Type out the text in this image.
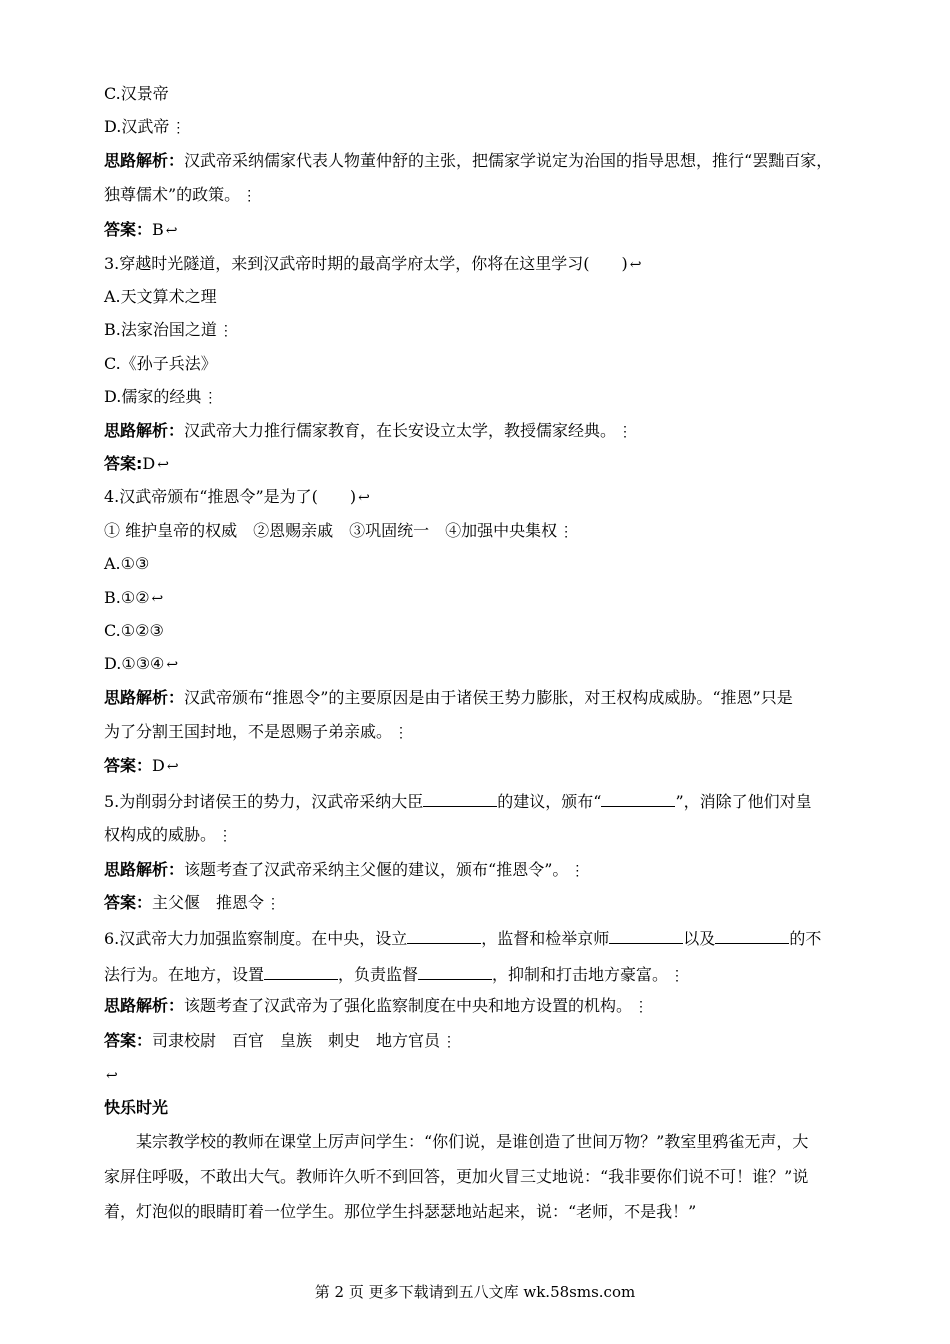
C.汉景帝
D.汉武帝 ⋮
思路解析：汉武帝采纳儒家代表人物董仲舒的主张，把儒家学说定为治国的指导思想，推行“罢黜百家，
独尊儒术”的政策。 ⋮
答案：B ↩
3.穿越时光隧道，来到汉武帝时期的最高学府太学，你将在这里学习(　　) ↩
A.天文算术之理
B.法家治国之道 ⋮
C.《孙子兵法》
D.儒家的经典 ⋮
思路解析：汉武帝大力推行儒家教育，在长安设立太学，教授儒家经典。 ⋮
答案:D ↩
4.汉武帝颁布“推恩令”是为了(　　) ↩
① 维护皇帝的权威　②恩赐亲戚　③巩固统一　④加强中央集权 ⋮
A.①③
B.①② ↩
C.①②③
D.①③④ ↩
思路解析：汉武帝颁布“推恩令”的主要原因是由于诸侯王势力膨胀，对王权构成威胁。“推恩”只是
为了分割王国封地，不是恩赐子弟亲戚。 ⋮
答案：D ↩
5.为削弱分封诸侯王的势力，汉武帝采纳大臣	的建议，颁布“	”，消除了他们对皇
权构成的威胁。 ⋮
思路解析：该题考查了汉武帝采纳主父偃的建议，颁布“推恩令”。 ⋮
答案：主父偃　推恩令 ⋮
6.汉武帝大力加强监察制度。在中央，设立	，监督和检举京师	以及	的不
法行为。在地方，设置	，负责监督	，抑制和打击地方豪富。 ⋮
思路解析：该题考查了汉武帝为了强化监察制度在中央和地方设置的机构。 ⋮
答案：司隶校尉　百官　皇族　刺史　地方官员 ⋮
↩
快乐时光
某宗教学校的教师在课堂上厉声问学生：“你们说，是谁创造了世间万物？”教室里鸦雀无声，大
家屏住呼吸，不敢出大气。教师许久听不到回答，更加火冒三丈地说：“我非要你们说不可！谁？”说
着，灯泡似的眼睛盯着一位学生。那位学生抖瑟瑟地站起来，说：“老师，不是我！”
第 2 页 更多下载请到五八文库 wk.58sms.com
